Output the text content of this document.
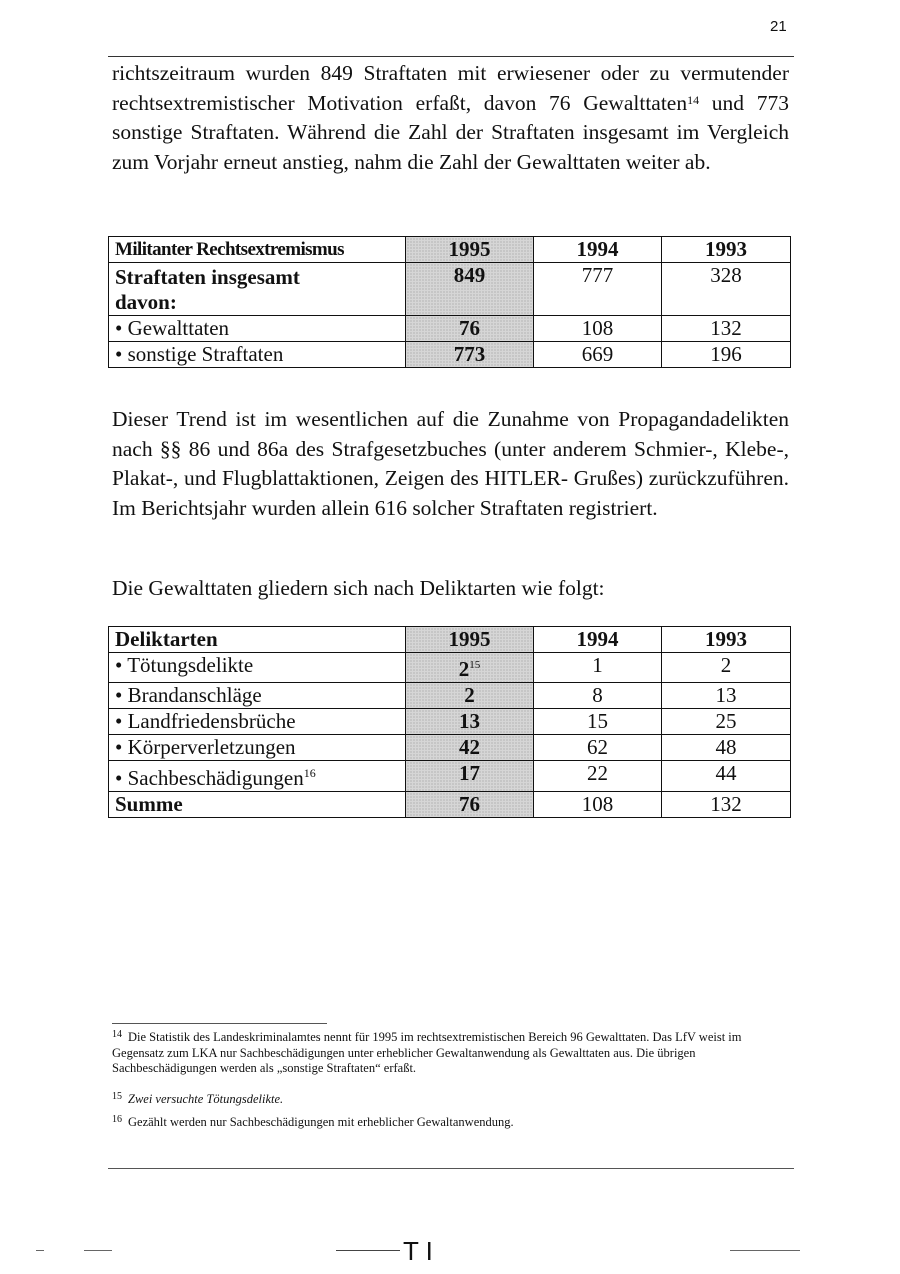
21

richtszeitraum wurden 849 Straftaten mit erwiesener oder zu vermutender rechtsextremistischer Motivation erfaßt, davon 76 Gewalttaten$^{14}$ und 773 sonstige Straftaten. Während die Zahl der Straftaten insgesamt im Vergleich zum Vorjahr erneut anstieg, nahm die Zahl der Gewalttaten weiter ab.

Militanter Rechtsextremismus	1995	1994	1993

Straftaten insgesamt
davon:	849	777	328
• Gewalttaten	76	108	132
• sonstige Straftaten	773	669	196

Dieser Trend ist im wesentlichen auf die Zunahme von Propagandadelikten nach §§ 86 und 86a des Strafgesetzbuches (unter anderem Schmier-, Klebe-, Plakat-, und Flugblattaktionen, Zeigen des HITLER- Grußes) zurückzuführen. Im Berichtsjahr wurden allein 616 solcher Straftaten registriert.

Die Gewalttaten gliedern sich nach Deliktarten wie folgt:

Deliktarten	1995	1994	1993
• Tötungsdelikte	$2^{15}$	1	2
• Brandanschläge	2	8	13
• Landfriedensbrüche	13	15	25
• Körperverletzungen	42	62	48
• Sachbeschädigungen$^{16}$	17	22	44
Summe	76	108	132
$^{14}$ Die Statistik des Landeskriminalamtes nennt für 1995 im rechtsextremistischen Bereich 96 Gewalttaten. Das LfV weist im Gegensatz zum LKA nur Sachbeschädigungen unter erheblicher Gewaltanwendung als Gewalttaten aus. Die übrigen Sachbeschädigungen werden als „sonstige Straftaten“ erfaßt.
$^{15}$ Zwei versuchte Tötungsdelikte.
$^{16}$ Gezählt werden nur Sachbeschädigungen mit erheblicher Gewaltanwendung.
T I
